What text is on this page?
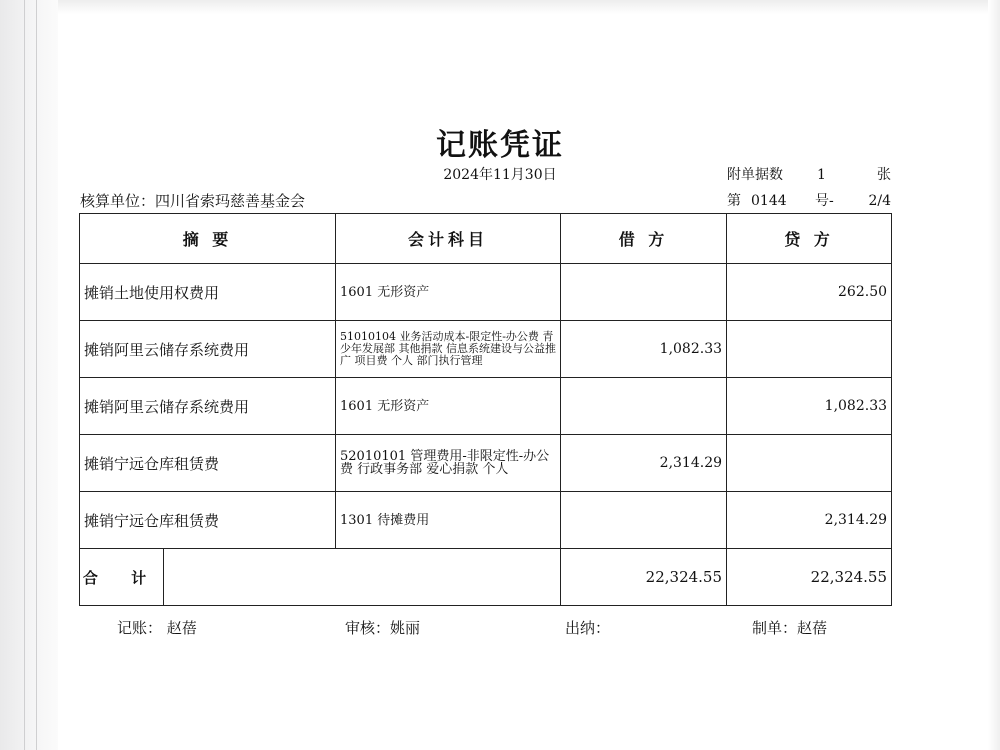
记账凭证
2024年11月30日	附单据数 1	张
核算单位：四川省索玛慈善基金会	第 0144 号- 2/4
摘 要		会计科目	借 方	贷 方
摊销土地使用权费用		1601 无形资产		262.50
摊销阿里云储存系统费用		51010104 业务活动成本-限定性-办公费 青少年发展部 其他捐款 信息系统建设与公益推广 项目费 个人 部门执行管理	1,082.33	
摊销阿里云储存系统费用		1601 无形资产		1,082.33
摊销宁远仓库租赁费		52010101 管理费用-非限定性-办公费 行政事务部 爱心捐款 个人	2,314.29	
摊销宁远仓库租赁费		1301 待摊费用		2,314.29
合 计			22,324.55	22,324.55
记账： 赵蓓	审核：姚丽	出纳：	制单：赵蓓
